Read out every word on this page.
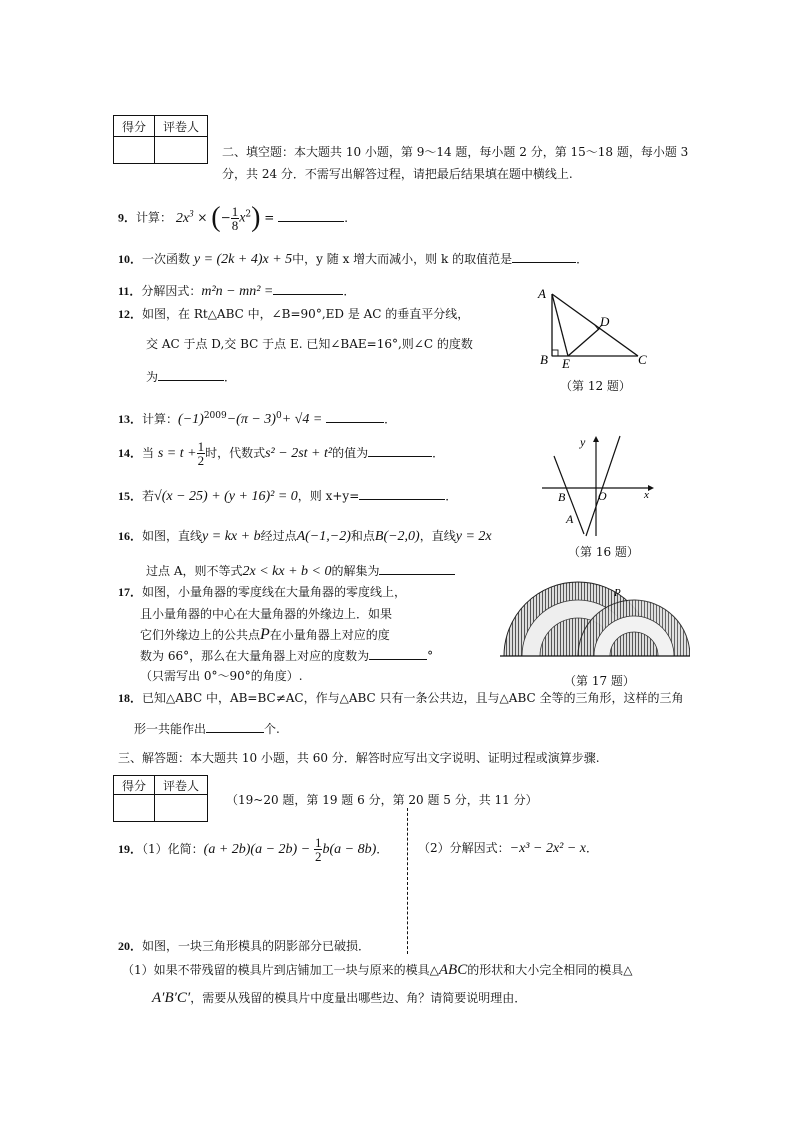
得分	评卷人

二、填空题：本大题共 10 小题，第 9～14 题，每小题 2 分，第 15～18 题，每小题 3
分，共 24 分．不需写出解答过程，请把最后结果填在题中横线上.
9．计算： $2x^3$ × (− $\frac{1}{8} x^2$) =	．
10．一次函数 y = (2k + 4)x + 5中，y 随 x 增大而减小，则 k 的取值范是	．
11．分解因式：m²n − mn² =	．
12．如图，在 Rt△ABC 中，∠B=90°,ED 是 AC 的垂直平分线，
交 AC 于点 D,交 BC 于点 E. 已知∠BAE=16°,则∠C 的度数
为	．
A
B	C
D
E
（第 12 题）
13．计算：$(-1)^{2009}-(\pi - 3)^0+ √4$ =	．
14．当 $s = t + \frac{1}{2}$ 时，代数式s² − 2st + t²的值为	．
y
x
O
B
A
15．若√(x − 25) + (y + 16)² = 0，则 x+y=	．
16．如图，直线y = kx + b经过点A(−1,−2)和点B(−2,0)，直线y = 2x
（第 16 题）
过点 A，则不等式2x < kx + b < 0的解集为
17．如图，小量角器的零度线在大量角器的零度线上，
且小量角器的中心在大量角器的外缘边上．如果
它们外缘边上的公共点P在小量角器上对应的度
数为 66°，那么在大量角器上对应的度数为	°
（只需写出 0°～90°的角度）.
P
（第 17 题）
18．已知△ABC 中，AB=BC≠AC，作与△ABC 只有一条公共边，且与△ABC 全等的三角形，这样的三角
形一共能作出	个.
三、解答题：本大题共 10 小题，共 60 分．解答时应写出文字说明、证明过程或演算步骤.
得分	评卷人

（19~20 题，第 19 题 6 分，第 20 题 5 分，共 11 分）
19．（1）化简：$(a + 2b)(a - 2b) - \frac{1}{2} b(a - 8b)$． （2）分解因式：−x³ − 2x² − x．
20．如图，一块三角形模具的阴影部分已破损．
（1）如果不带残留的模具片到店铺加工一块与原来的模具△ABC的形状和大小完全相同的模具△
A′B′C′，需要从残留的模具片中度量出哪些边、角？请简要说明理由．
